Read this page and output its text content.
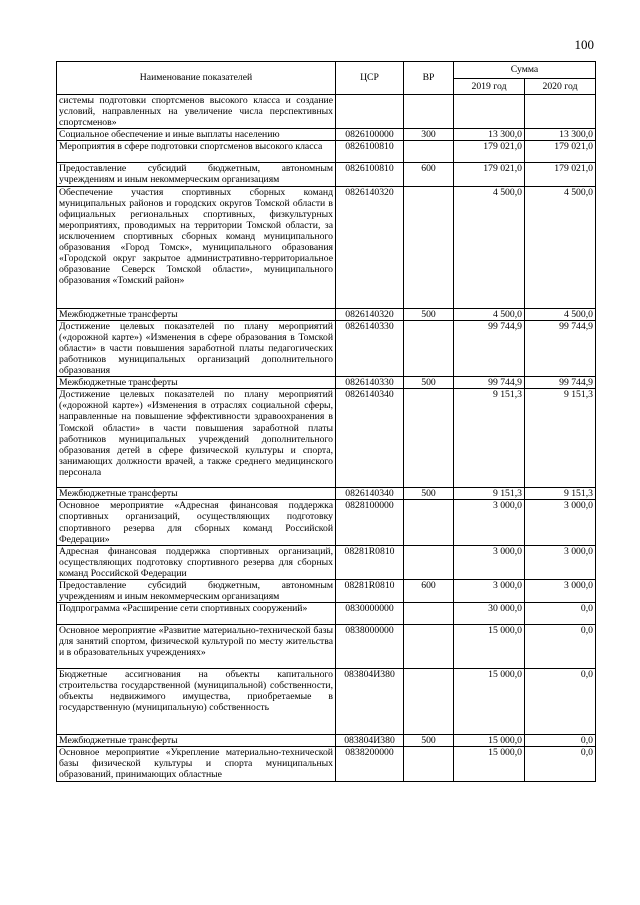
100
Наименование показателей	ЦСР	ВР	Сумма	
			2019 год	2020 год
системы подготовки спортсменов высокого класса и создание условий, направленных на увеличение числа перспективных спортсменов»				
Социальное обеспечение и иные выплаты населению	0826100000	300	13 300,0	13 300,0
Мероприятия в сфере подготовки спортсменов высокого класса	0826100810		179 021,0	179 021,0
Предоставление субсидий бюджетным, автономным учреждениям и иным некоммерческим организациям	0826100810	600	179 021,0	179 021,0
Обеспечение участия спортивных сборных команд муниципальных районов и городских округов Томской области в официальных региональных спортивных, физкультурных мероприятиях, проводимых на территории Томской области, за исключением спортивных сборных команд муниципального образования «Город Томск», муниципального образования «Городской округ закрытое административно-территориальное образование Северск Томской области», муниципального образования «Томский район»	0826140320		4 500,0	4 500,0
Межбюджетные трансферты	0826140320	500	4 500,0	4 500,0
Достижение целевых показателей по плану мероприятий («дорожной карте») «Изменения в сфере образования в Томской области» в части повышения заработной платы педагогических работников муниципальных организаций дополнительного образования	0826140330		99 744,9	99 744,9
Межбюджетные трансферты	0826140330	500	99 744,9	99 744,9
Достижение целевых показателей по плану мероприятий («дорожной карте») «Изменения в отраслях социальной сферы, направленные на повышение эффективности здравоохранения в Томской области» в части повышения заработной платы работников муниципальных учреждений дополнительного образования детей в сфере физической культуры и спорта, занимающих должности врачей, а также среднего медицинского персонала	0826140340		9 151,3	9 151,3
Межбюджетные трансферты	0826140340	500	9 151,3	9 151,3
Основное мероприятие «Адресная финансовая поддержка спортивных организаций, осуществляющих подготовку спортивного резерва для сборных команд Российской Федерации»	0828100000		3 000,0	3 000,0
Адресная финансовая поддержка спортивных организаций, осуществляющих подготовку спортивного резерва для сборных команд Российской Федерации	08281R0810		3 000,0	3 000,0
Предоставление субсидий бюджетным, автономным учреждениям и иным некоммерческим организациям	08281R0810	600	3 000,0	3 000,0
Подпрограмма «Расширение сети спортивных сооружений»	0830000000		30 000,0	0,0
Основное мероприятие «Развитие материально-технической базы для занятий спортом, физической культурой по месту жительства и в образовательных учреждениях»	0838000000		15 000,0	0,0
Бюджетные ассигнования на объекты капитального строительства государственной (муниципальной) собственности, объекты недвижимого имущества, приобретаемые в государственную (муниципальную) собственность	083804И380		15 000,0	0,0
Межбюджетные трансферты	083804И380	500	15 000,0	0,0
Основное мероприятие «Укрепление материально-технической базы физической культуры и спорта муниципальных образований, принимающих областные	0838200000		15 000,0	0,0
